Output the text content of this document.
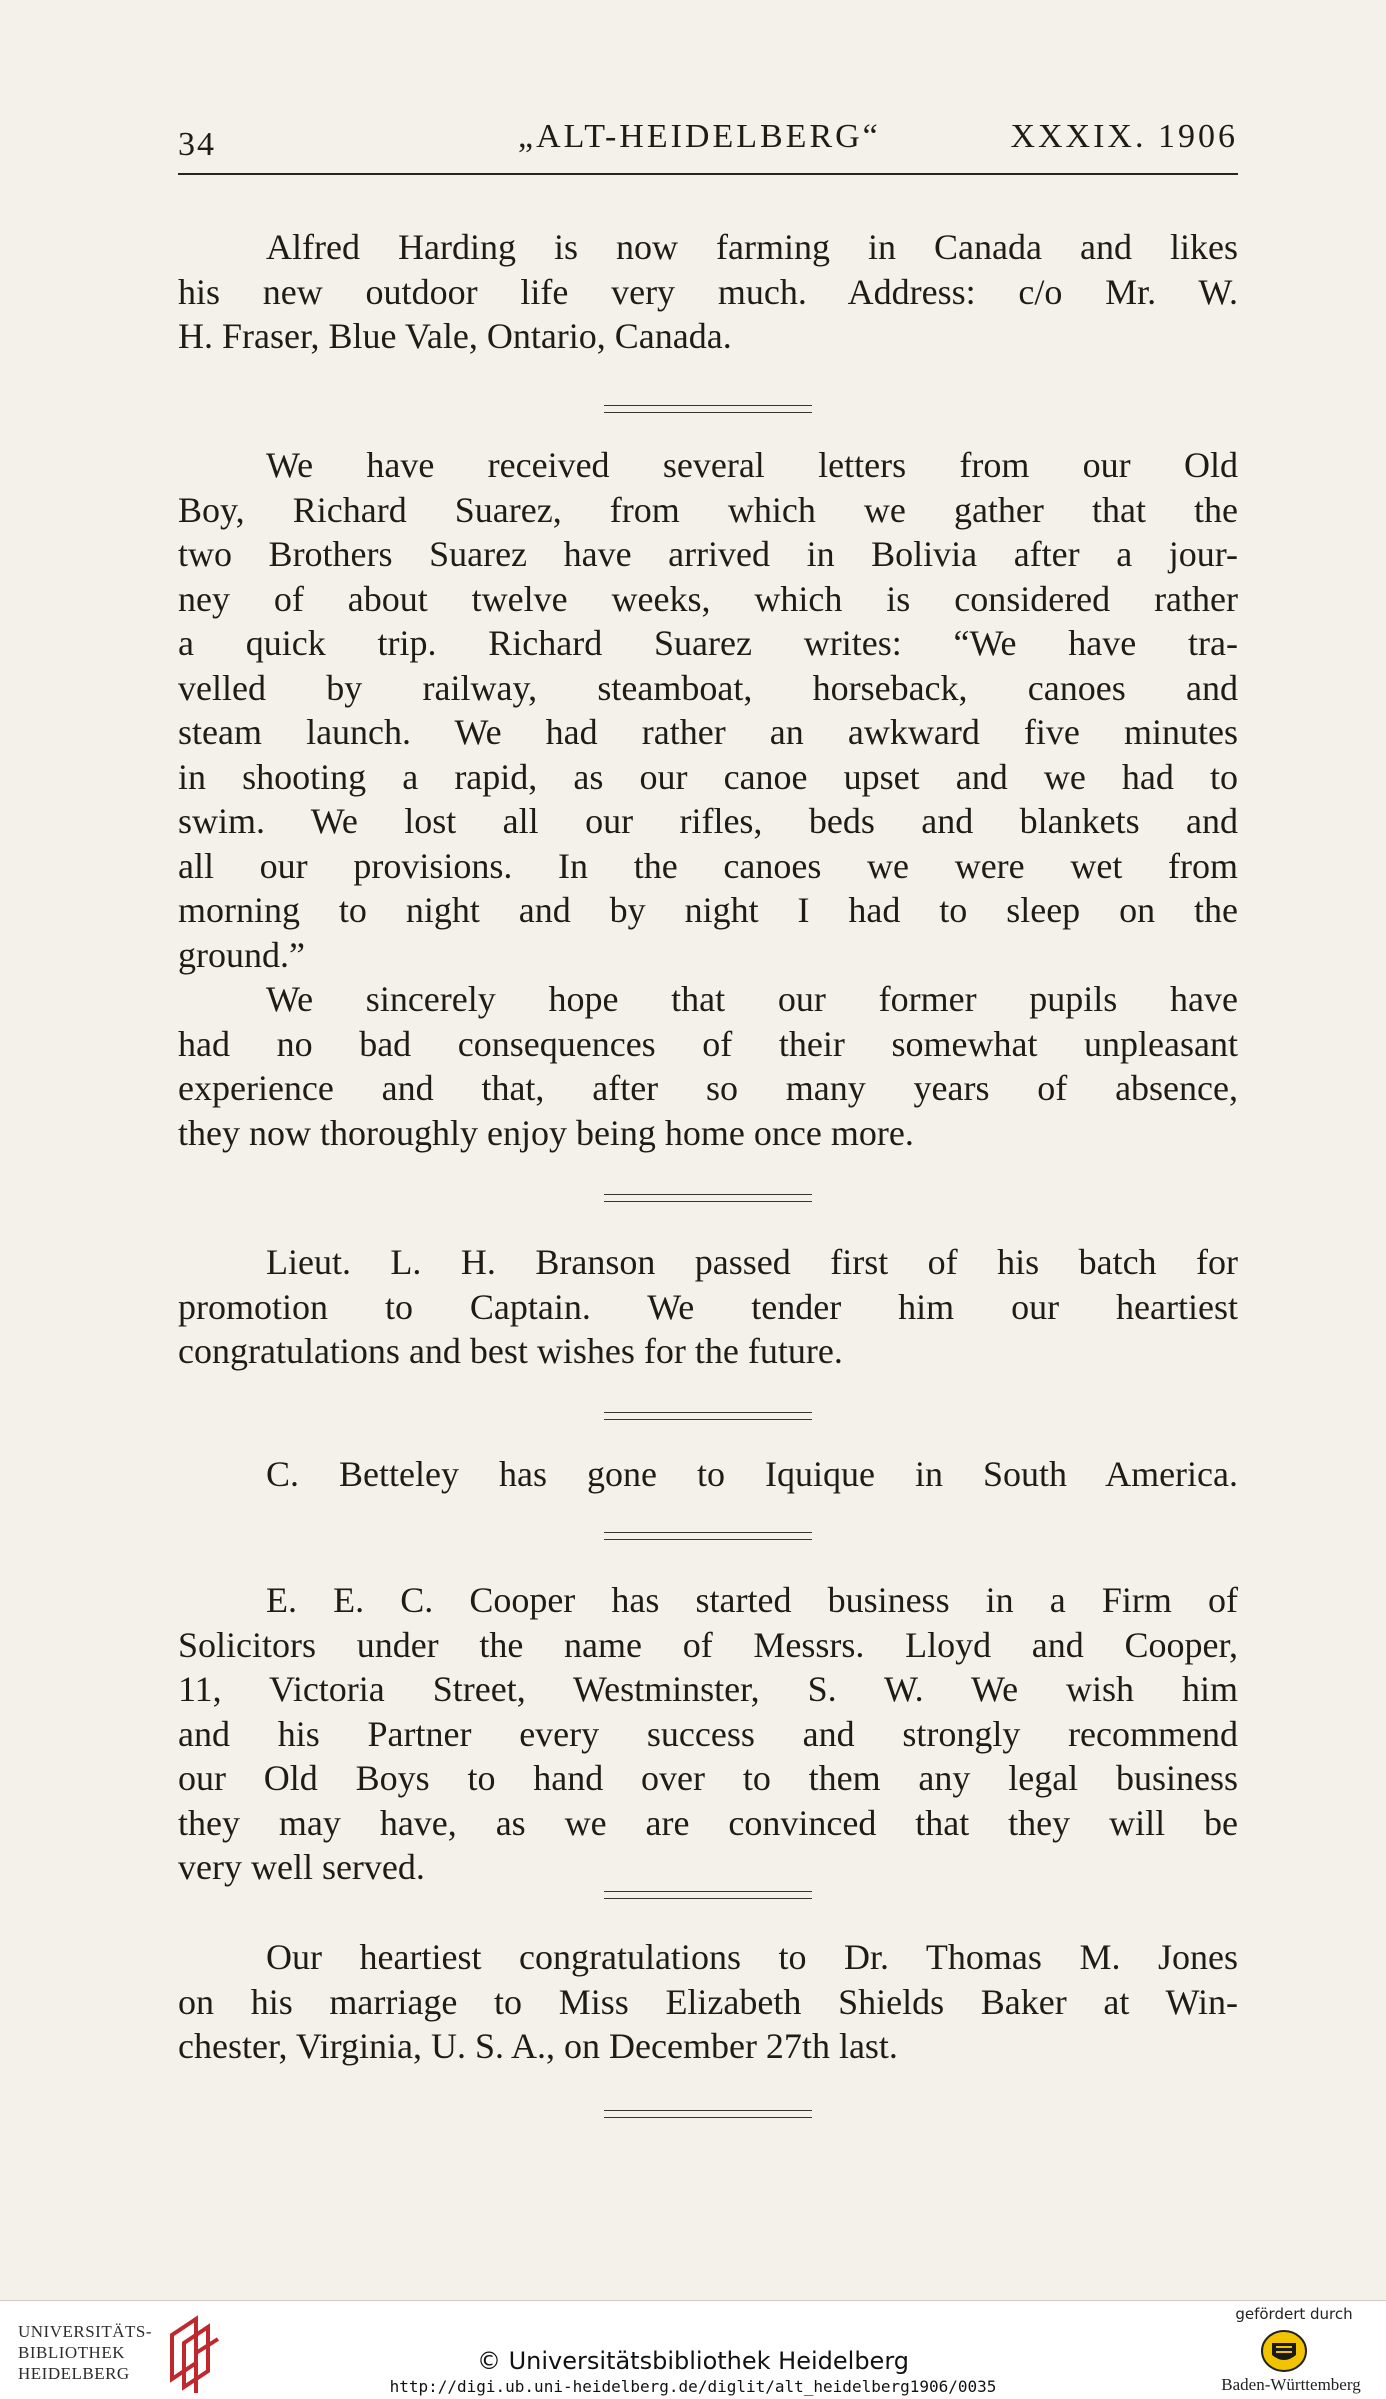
34	„ALT-HEIDELBERG“	XXXIX. 1906
Alfred Harding is now farming in Canada and likes
his new outdoor life very much. Address: c/o Mr. W.
H. Fraser, Blue Vale, Ontario, Canada.
We have received several letters from our Old
Boy, Richard Suarez, from which we gather that the
two Brothers Suarez have arrived in Bolivia after a jour-
ney of about twelve weeks, which is considered rather
a quick trip. Richard Suarez writes: “We have tra-
velled by railway, steamboat, horseback, canoes and
steam launch. We had rather an awkward five minutes
in shooting a rapid, as our canoe upset and we had to
swim. We lost all our rifles, beds and blankets and
all our provisions. In the canoes we were wet from
morning to night and by night I had to sleep on the
ground.”
We sincerely hope that our former pupils have
had no bad consequences of their somewhat unpleasant
experience and that, after so many years of absence,
they now thoroughly enjoy being home once more.
Lieut. L. H. Branson passed first of his batch for
promotion to Captain. We tender him our heartiest
congratulations and best wishes for the future.
C. Betteley has gone to Iquique in South America.
E. E. C. Cooper has started business in a Firm of
Solicitors under the name of Messrs. Lloyd and Cooper,
11, Victoria Street, Westminster, S. W. We wish him
and his Partner every success and strongly recommend
our Old Boys to hand over to them any legal business
they may have, as we are convinced that they will be
very well served.
Our heartiest congratulations to Dr. Thomas M. Jones
on his marriage to Miss Elizabeth Shields Baker at Win-
chester, Virginia, U. S. A., on December 27th last.
UNIVERSITÄTS-
BIBLIOTHEK
HEIDELBERG	© Universitätsbibliothek Heidelberg
http://digi.ub.uni-heidelberg.de/diglit/alt_heidelberg1906/0035
gefördert durch
Baden-Württemberg
